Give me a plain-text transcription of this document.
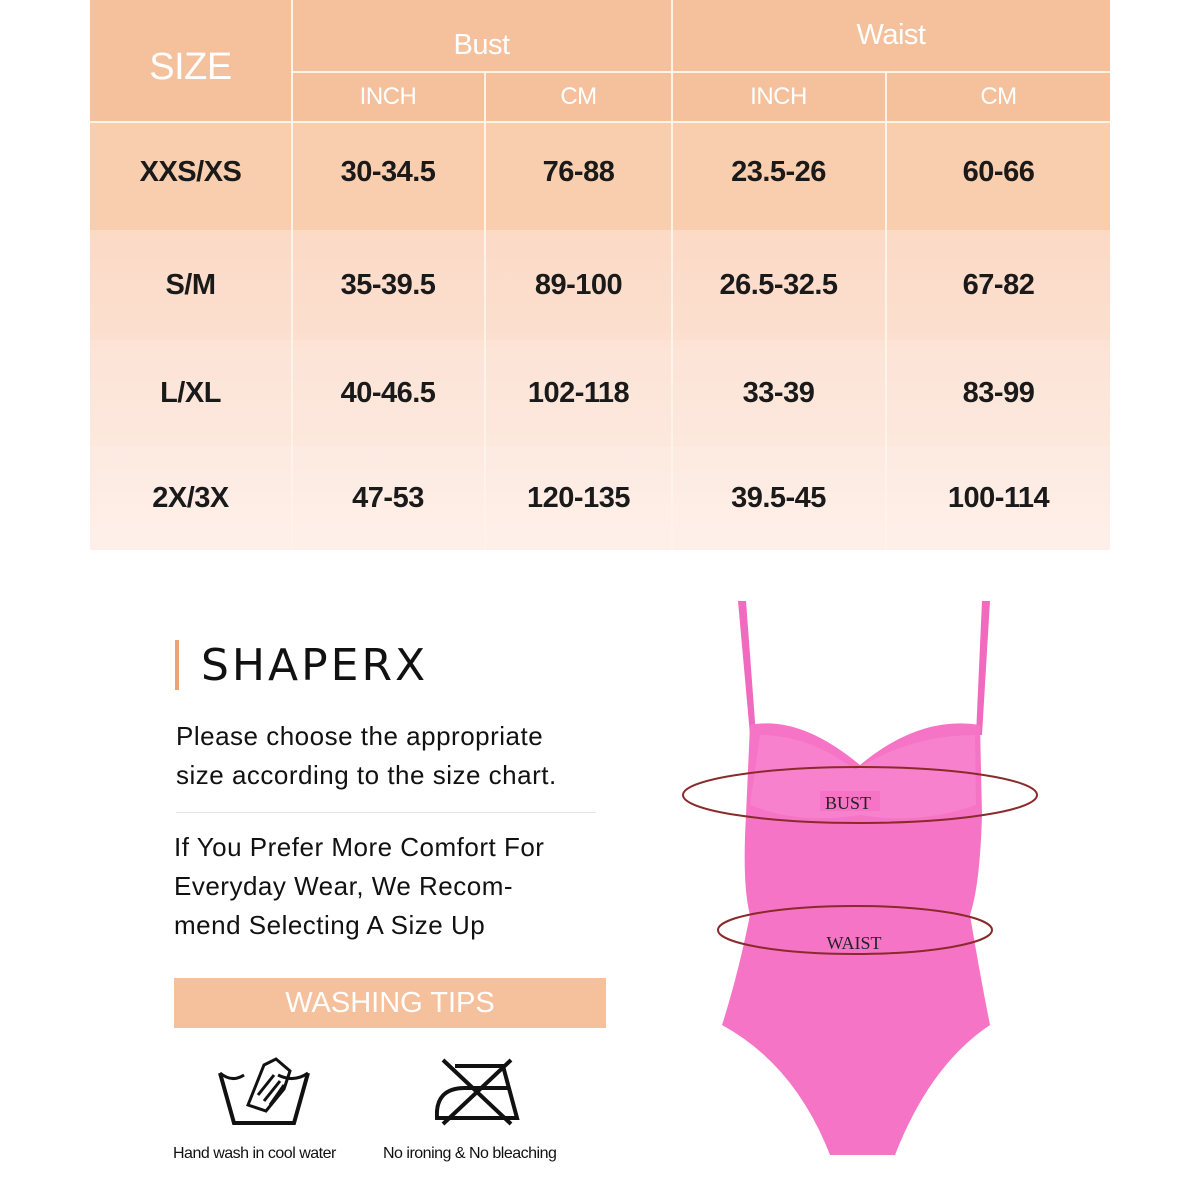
SIZE
Bust	Waist
INCH	CM	INCH	CM
XXS/XS	30-34.5	76-88	23.5-26	60-66
S/M	35-39.5	89-100	26.5-32.5	67-82
L/XL	40-46.5	102-118	33-39	83-99
2X/3X	47-53	120-135	39.5-45	100-114
SHAPERX
Please choose the appropriate
size according to the size chart.
If You Prefer More Comfort For
Everyday Wear, We Recom-
mend Selecting A Size Up
WASHING TIPS
Hand wash in cool water	No ironing & No bleaching
BUST
WAIST
